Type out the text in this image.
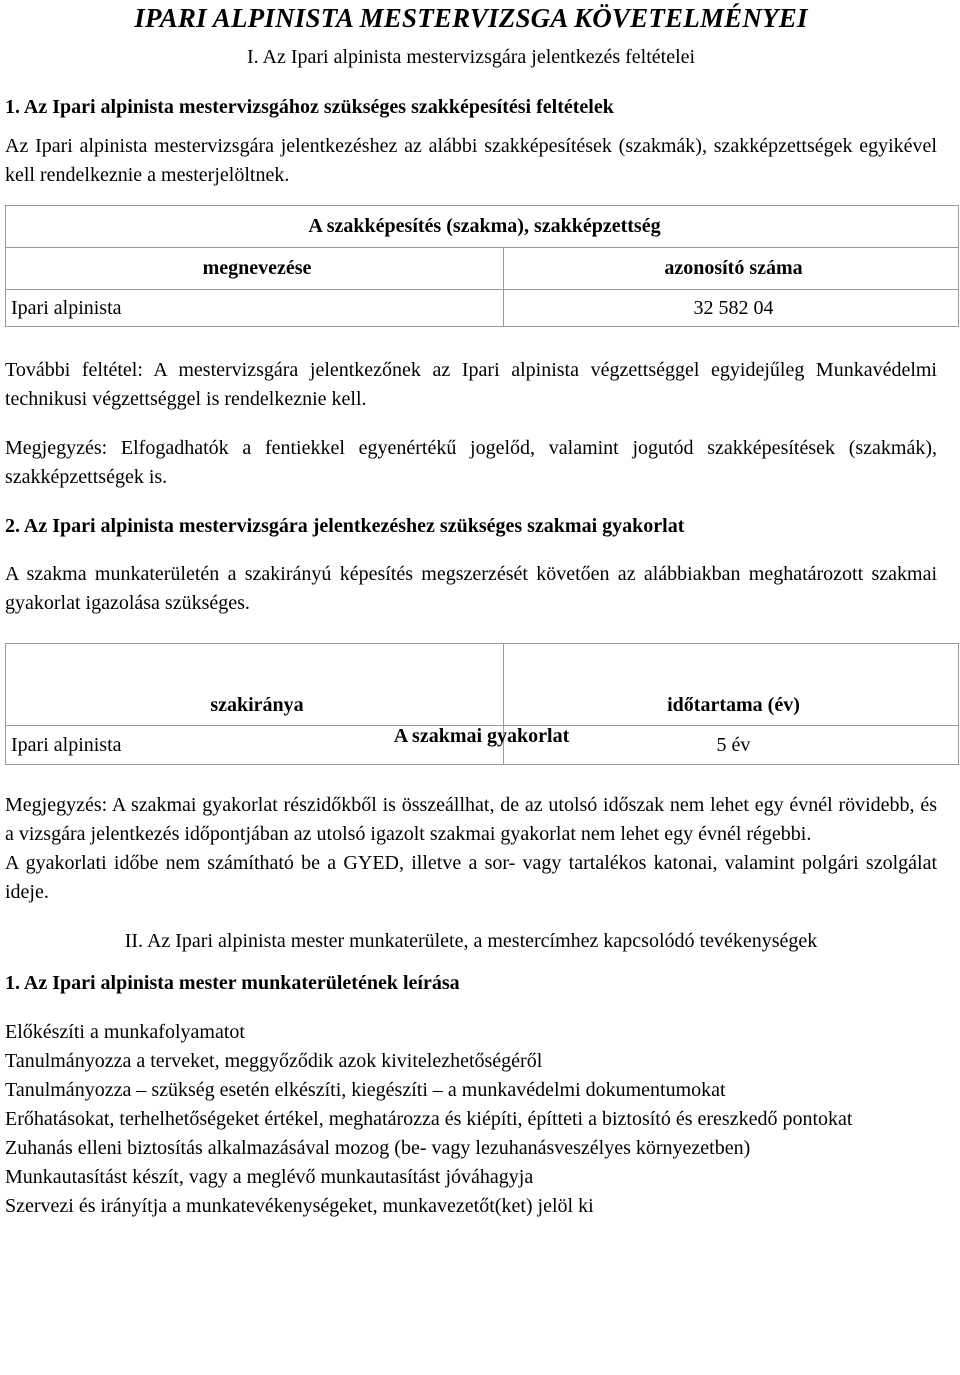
IPARI ALPINISTA MESTERVIZSGA KÖVETELMÉNYEI

I. Az Ipari alpinista mestervizsgára jelentkezés feltételei

1. Az Ipari alpinista mestervizsgához szükséges szakképesítési feltételek

Az Ipari alpinista mestervizsgára jelentkezéshez az alábbi szakképesítések (szakmák), szakképzettségek egyikével kell rendelkeznie a mesterjelöltnek.

A szakképesítés (szakma), szakképzettség	
megnevezése	azonosító száma
Ipari alpinista	32 582 04

További feltétel: A mestervizsgára jelentkezőnek az Ipari alpinista végzettséggel egyidejűleg Munkavédelmi technikusi végzettséggel is rendelkeznie kell.

Megjegyzés: Elfogadhatók a fentiekkel egyenértékű jogelőd, valamint jogutód szakképesítések (szakmák), szakképzettségek is.

2. Az Ipari alpinista mestervizsgára jelentkezéshez szükséges szakmai gyakorlat

A szakma munkaterületén a szakirányú képesítés megszerzését követően az alábbiakban meghatározott szakmai gyakorlat igazolása szükséges.

szakiránya	időtartama (év)
Ipari alpinista	5 év
A szakmai gyakorlat

Megjegyzés: A szakmai gyakorlat részidőkből is összeállhat, de az utolsó időszak nem lehet egy évnél rövidebb, és a vizsgára jelentkezés időpontjában az utolsó igazolt szakmai gyakorlat nem lehet egy évnél régebbi.

A gyakorlati időbe nem számítható be a GYED, illetve a sor- vagy tartalékos katonai, valamint polgári szolgálat ideje.

II. Az Ipari alpinista mester munkaterülete, a mestercímhez kapcsolódó tevékenységek

1. Az Ipari alpinista mester munkaterületének leírása

Előkészíti a munkafolyamatot

Tanulmányozza a terveket, meggyőződik azok kivitelezhetőségéről

Tanulmányozza – szükség esetén elkészíti, kiegészíti – a munkavédelmi dokumentumokat

Erőhatásokat, terhelhetőségeket értékel, meghatározza és kiépíti, építteti a biztosító és ereszkedő pontokat

Zuhanás elleni biztosítás alkalmazásával mozog (be- vagy lezuhanásveszélyes környezetben)

Munkautasítást készít, vagy a meglévő munkautasítást jóváhagyja

Szervezi és irányítja a munkatevékenységeket, munkavezetőt(ket) jelöl ki
